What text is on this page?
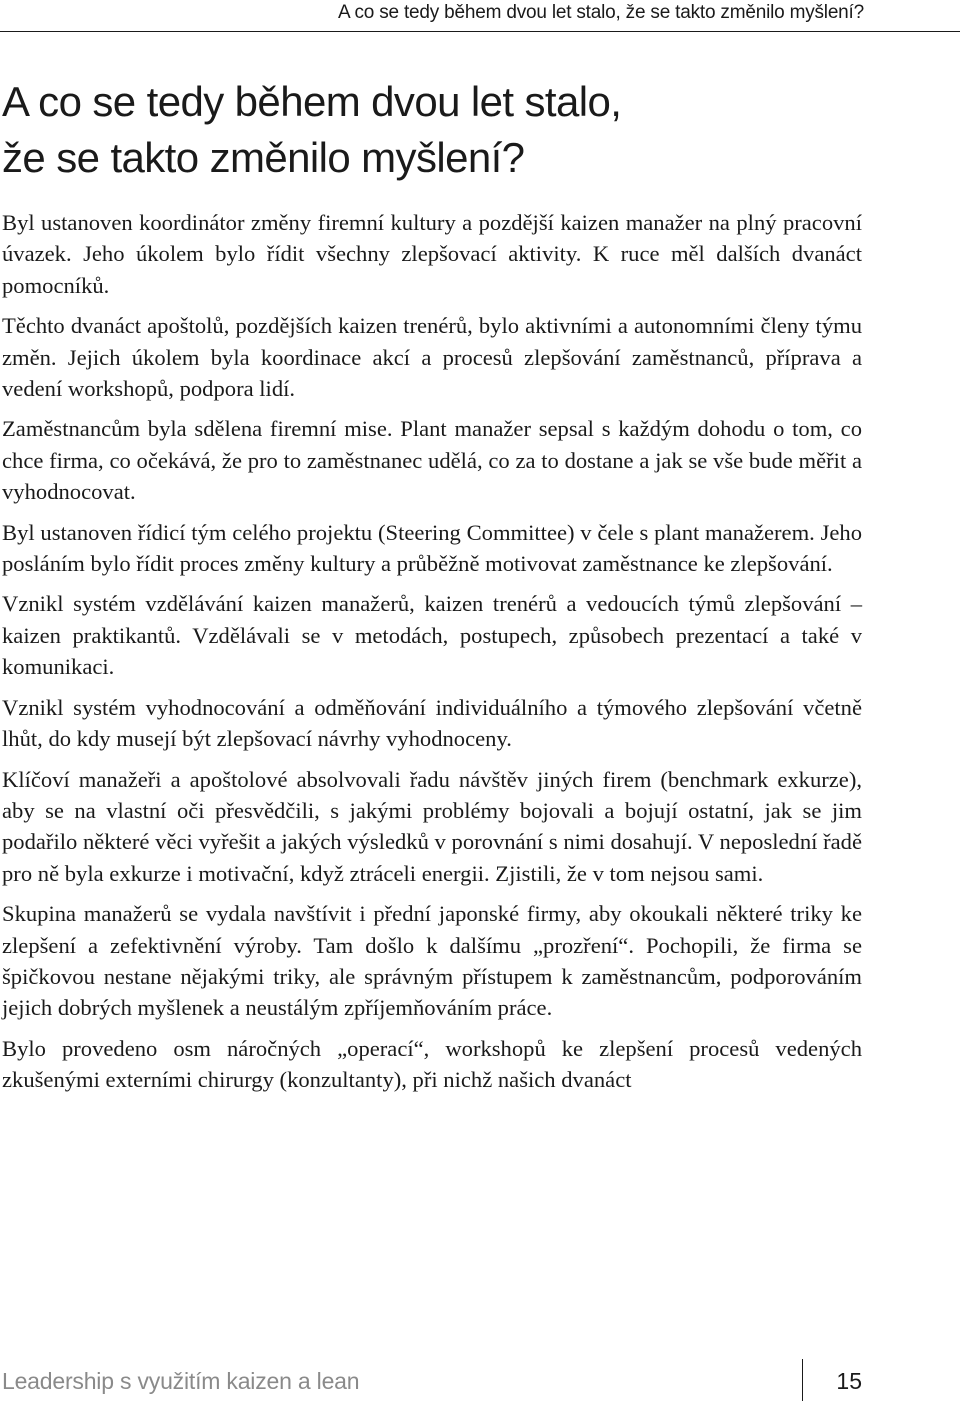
A co se tedy během dvou let stalo, že se takto změnilo myšlení?
A co se tedy během dvou let stalo,
že se takto změnilo myšlení?

Byl ustanoven koordinátor změny firemní kultury a pozdější kaizen manažer na plný pracovní úvazek. Jeho úkolem bylo řídit všechny zlepšovací aktivity. K ruce měl dalších dvanáct pomocníků.

Těchto dvanáct apoštolů, pozdějších kaizen trenérů, bylo aktivními a autonomními členy týmu změn. Jejich úkolem byla koordinace akcí a procesů zlepšování zaměstnanců, příprava a vedení workshopů, podpora lidí.

Zaměstnancům byla sdělena firemní mise. Plant manažer sepsal s každým dohodu o tom, co chce firma, co očekává, že pro to zaměstnanec udělá, co za to dostane a jak se vše bude měřit a vyhodnocovat.

Byl ustanoven řídicí tým celého projektu (Steering Committee) v čele s plant manažerem. Jeho posláním bylo řídit proces změny kultury a průběžně motivovat zaměstnance ke zlepšování.

Vznikl systém vzdělávání kaizen manažerů, kaizen trenérů a vedoucích týmů zlepšování – kaizen praktikantů. Vzdělávali se v metodách, postupech, způsobech prezentací a také v komunikaci.

Vznikl systém vyhodnocování a odměňování individuálního a týmového zlepšování včetně lhůt, do kdy musejí být zlepšovací návrhy vyhodnoceny.

Klíčoví manažeři a apoštolové absolvovali řadu návštěv jiných firem (benchmark exkurze), aby se na vlastní oči přesvědčili, s jakými problémy bojovali a bojují ostatní, jak se jim podařilo některé věci vyřešit a jakých výsledků v porovnání s nimi dosahují. V neposlední řadě pro ně byla exkurze i motivační, když ztráceli energii. Zjistili, že v tom nejsou sami.

Skupina manažerů se vydala navštívit i přední japonské firmy, aby okoukali některé triky ke zlepšení a zefektivnění výroby. Tam došlo k dalšímu „prozření“. Pochopili, že firma se špičkovou nestane nějakými triky, ale správným přístupem k zaměstnancům, podporováním jejich dobrých myšlenek a neustálým zpříjemňováním práce.

Bylo provedeno osm náročných „operací“, workshopů ke zlepšení procesů vedených zkušenými externími chirurgy (konzultanty), při nichž našich dvanáct

Leadership s využitím kaizen a lean	15
